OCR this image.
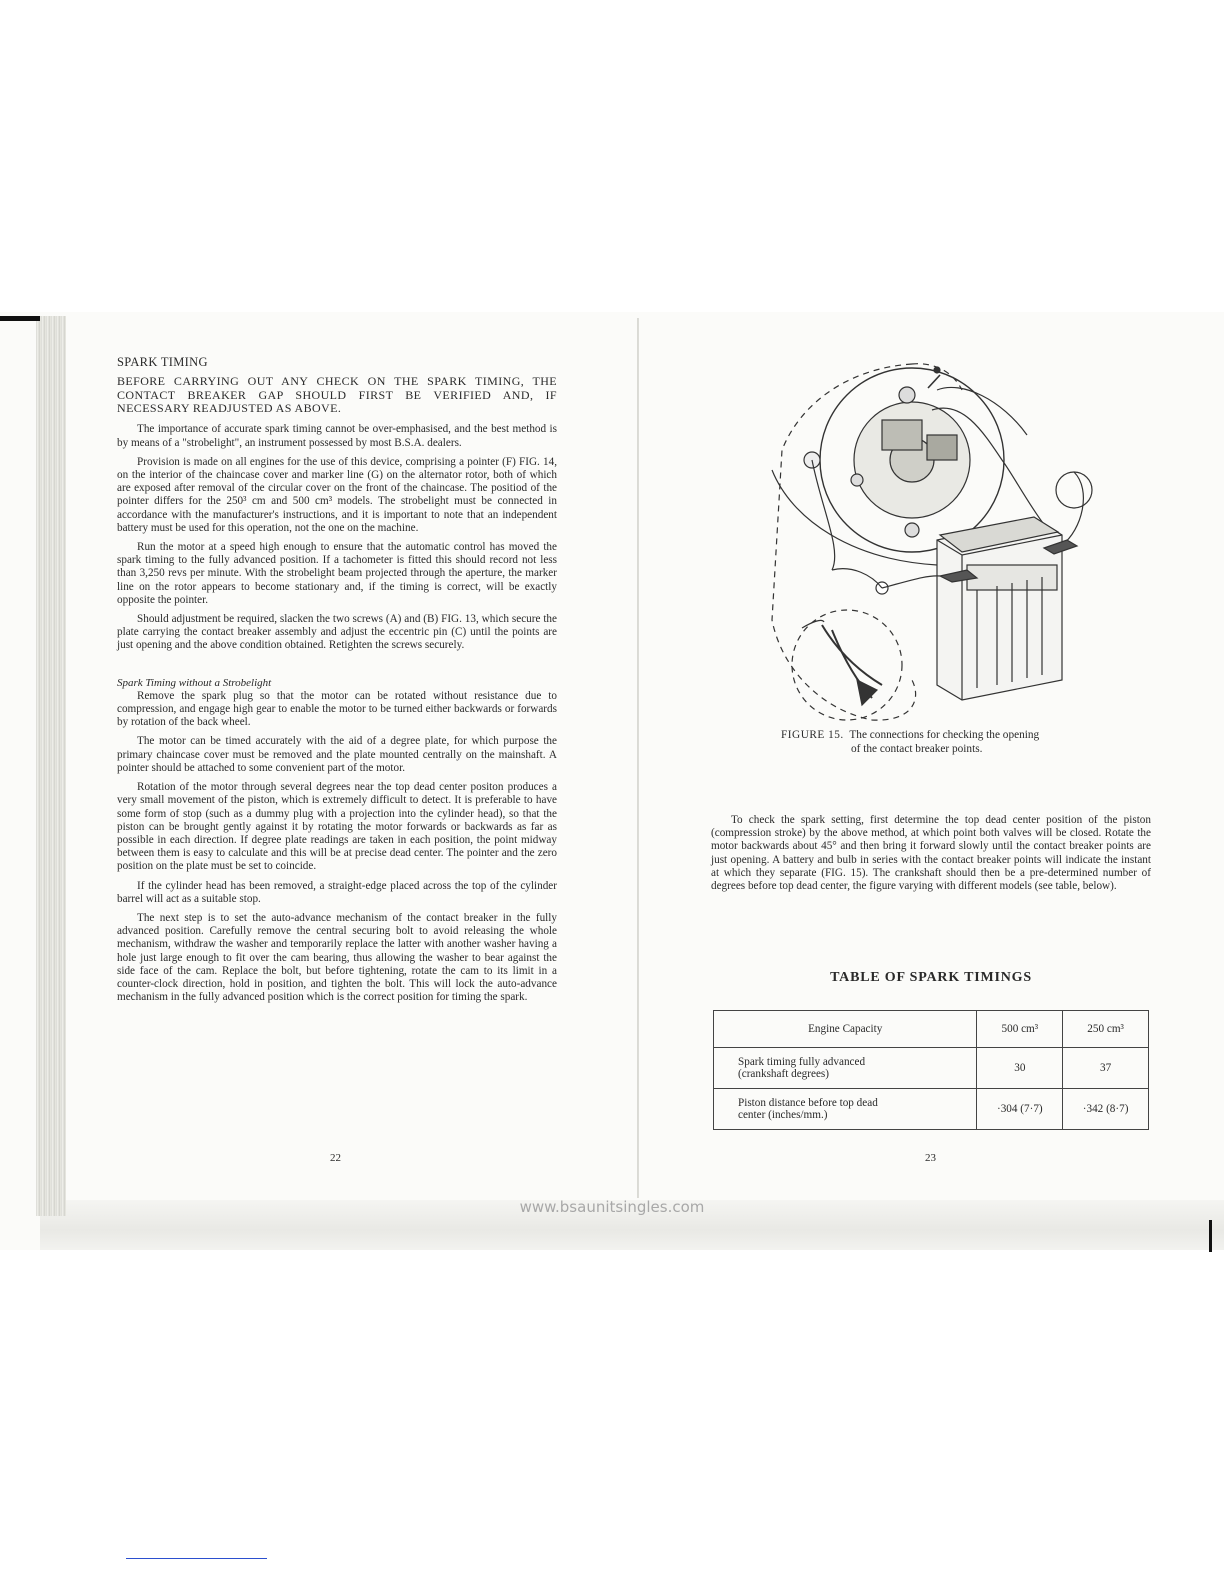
SPARK TIMING

BEFORE CARRYING OUT ANY CHECK ON THE SPARK TIMING, THE CONTACT BREAKER GAP SHOULD FIRST BE VERIFIED AND, IF NECESSARY READJUSTED AS ABOVE.

The importance of accurate spark timing cannot be over-emphasised, and the best method is by means of a "strobelight", an instrument possessed by most B.S.A. dealers.

Provision is made on all engines for the use of this device, comprising a pointer (F) FIG. 14, on the interior of the chaincase cover and marker line (G) on the alternator rotor, both of which are exposed after removal of the circular cover on the front of the chaincase. The positiod of the pointer differs for the 250³ cm and 500 cm³ models. The strobelight must be connected in accordance with the manufacturer's instructions, and it is important to note that an independent battery must be used for this operation, not the one on the machine.

Run the motor at a speed high enough to ensure that the automatic control has moved the spark timing to the fully advanced position. If a tachometer is fitted this should record not less than 3,250 revs per minute. With the strobelight beam projected through the aperture, the marker line on the rotor appears to become stationary and, if the timing is correct, will be exactly opposite the pointer.

Should adjustment be required, slacken the two screws (A) and (B) FIG. 13, which secure the plate carrying the contact breaker assembly and adjust the eccentric pin (C) until the points are just opening and the above condition obtained. Retighten the screws securely.

Spark Timing without a Strobelight

Remove the spark plug so that the motor can be rotated without resistance due to compression, and engage high gear to enable the motor to be turned either backwards or forwards by rotation of the back wheel.

The motor can be timed accurately with the aid of a degree plate, for which purpose the primary chaincase cover must be removed and the plate mounted centrally on the mainshaft. A pointer should be attached to some convenient part of the motor.

Rotation of the motor through several degrees near the top dead center positon produces a very small movement of the piston, which is extremely difficult to detect. It is preferable to have some form of stop (such as a dummy plug with a projection into the cylinder head), so that the piston can be brought gently against it by rotating the motor forwards or backwards as far as possible in each direction. If degree plate readings are taken in each position, the point midway between them is easy to calculate and this will be at precise dead center. The pointer and the zero position on the plate must be set to coincide.

If the cylinder head has been removed, a straight-edge placed across the top of the cylinder barrel will act as a suitable stop.

The next step is to set the auto-advance mechanism of the contact breaker in the fully advanced position. Carefully remove the central securing bolt to avoid releasing the whole mechanism, withdraw the washer and temporarily replace the latter with another washer having a hole just large enough to fit over the cam bearing, thus allowing the washer to bear against the side face of the cam. Replace the bolt, but before tightening, rotate the cam to its limit in a counter-clock direction, hold in position, and tighten the bolt. This will lock the auto-advance mechanism in the fully advanced position which is the correct position for timing the spark.

22
FIGURE 15. The connections for checking the opening
of the contact breaker points.

To check the spark setting, first determine the top dead center position of the piston (compression stroke) by the above method, at which point both valves will be closed. Rotate the motor backwards about 45° and then bring it forward slowly until the contact breaker points are just opening. A battery and bulb in series with the contact breaker points will indicate the instant at which they separate (FIG. 15). The crankshaft should then be a pre-determined number of degrees before top dead center, the figure varying with different models (see table, below).

TABLE OF SPARK TIMINGS
Engine Capacity	500 cm³	250 cm³

Spark timing fully advanced
(crankshaft degrees)	30	37

Piston distance before top dead
center (inches/mm.)	·304 (7·7)	·342 (8·7)
23
www.bsaunitsingles.com
